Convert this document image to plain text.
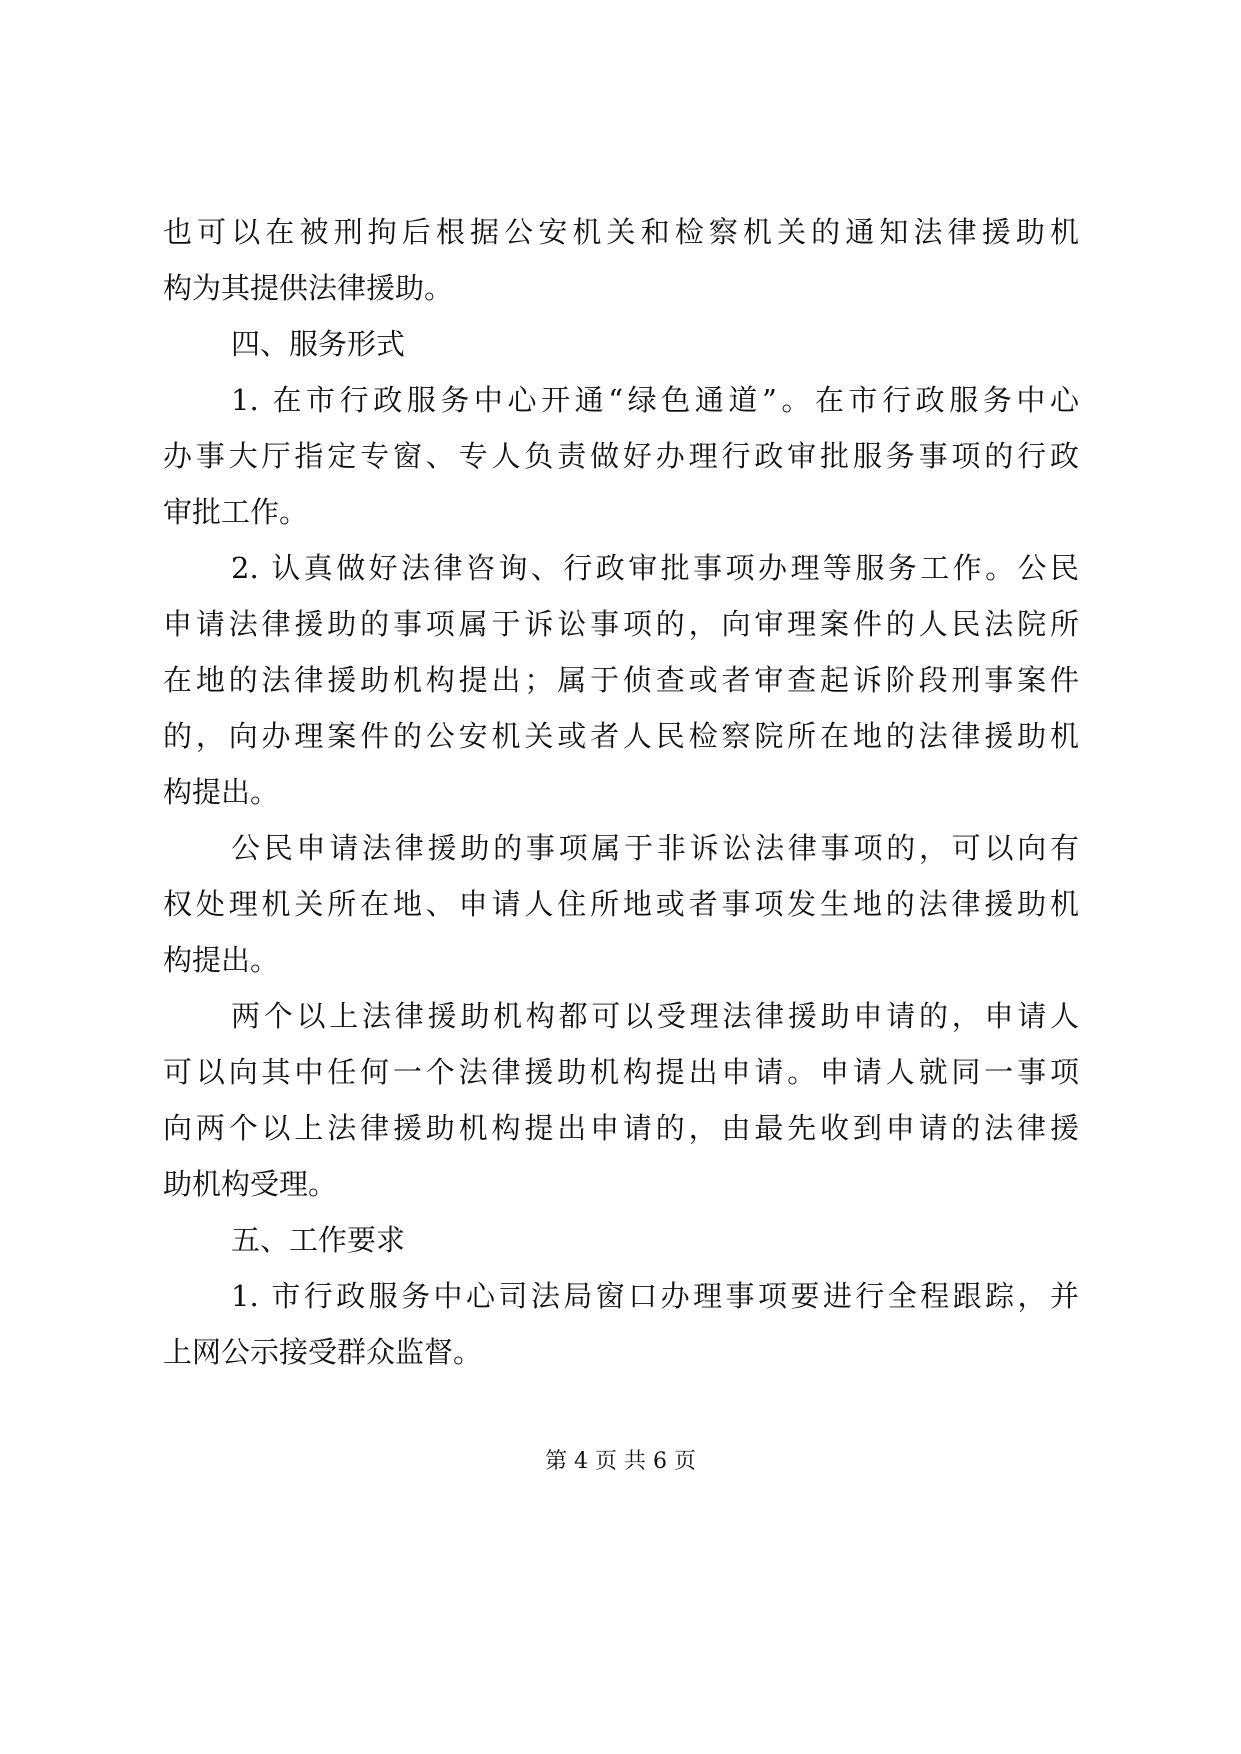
也可以在被刑拘后根据公安机关和检察机关的通知法律援助机
构为其提供法律援助。
四、服务形式
1. 在市行政服务中心开通“绿色通道”。在市行政服务中心
办事大厅指定专窗、专人负责做好办理行政审批服务事项的行政
审批工作。
2. 认真做好法律咨询、行政审批事项办理等服务工作。公民
申请法律援助的事项属于诉讼事项的，向审理案件的人民法院所
在地的法律援助机构提出；属于侦查或者审查起诉阶段刑事案件
的，向办理案件的公安机关或者人民检察院所在地的法律援助机
构提出。
公民申请法律援助的事项属于非诉讼法律事项的，可以向有
权处理机关所在地、申请人住所地或者事项发生地的法律援助机
构提出。
两个以上法律援助机构都可以受理法律援助申请的，申请人
可以向其中任何一个法律援助机构提出申请。申请人就同一事项
向两个以上法律援助机构提出申请的，由最先收到申请的法律援
助机构受理。
五、工作要求
1. 市行政服务中心司法局窗口办理事项要进行全程跟踪，并
上网公示接受群众监督。
第 4 页 共 6 页
